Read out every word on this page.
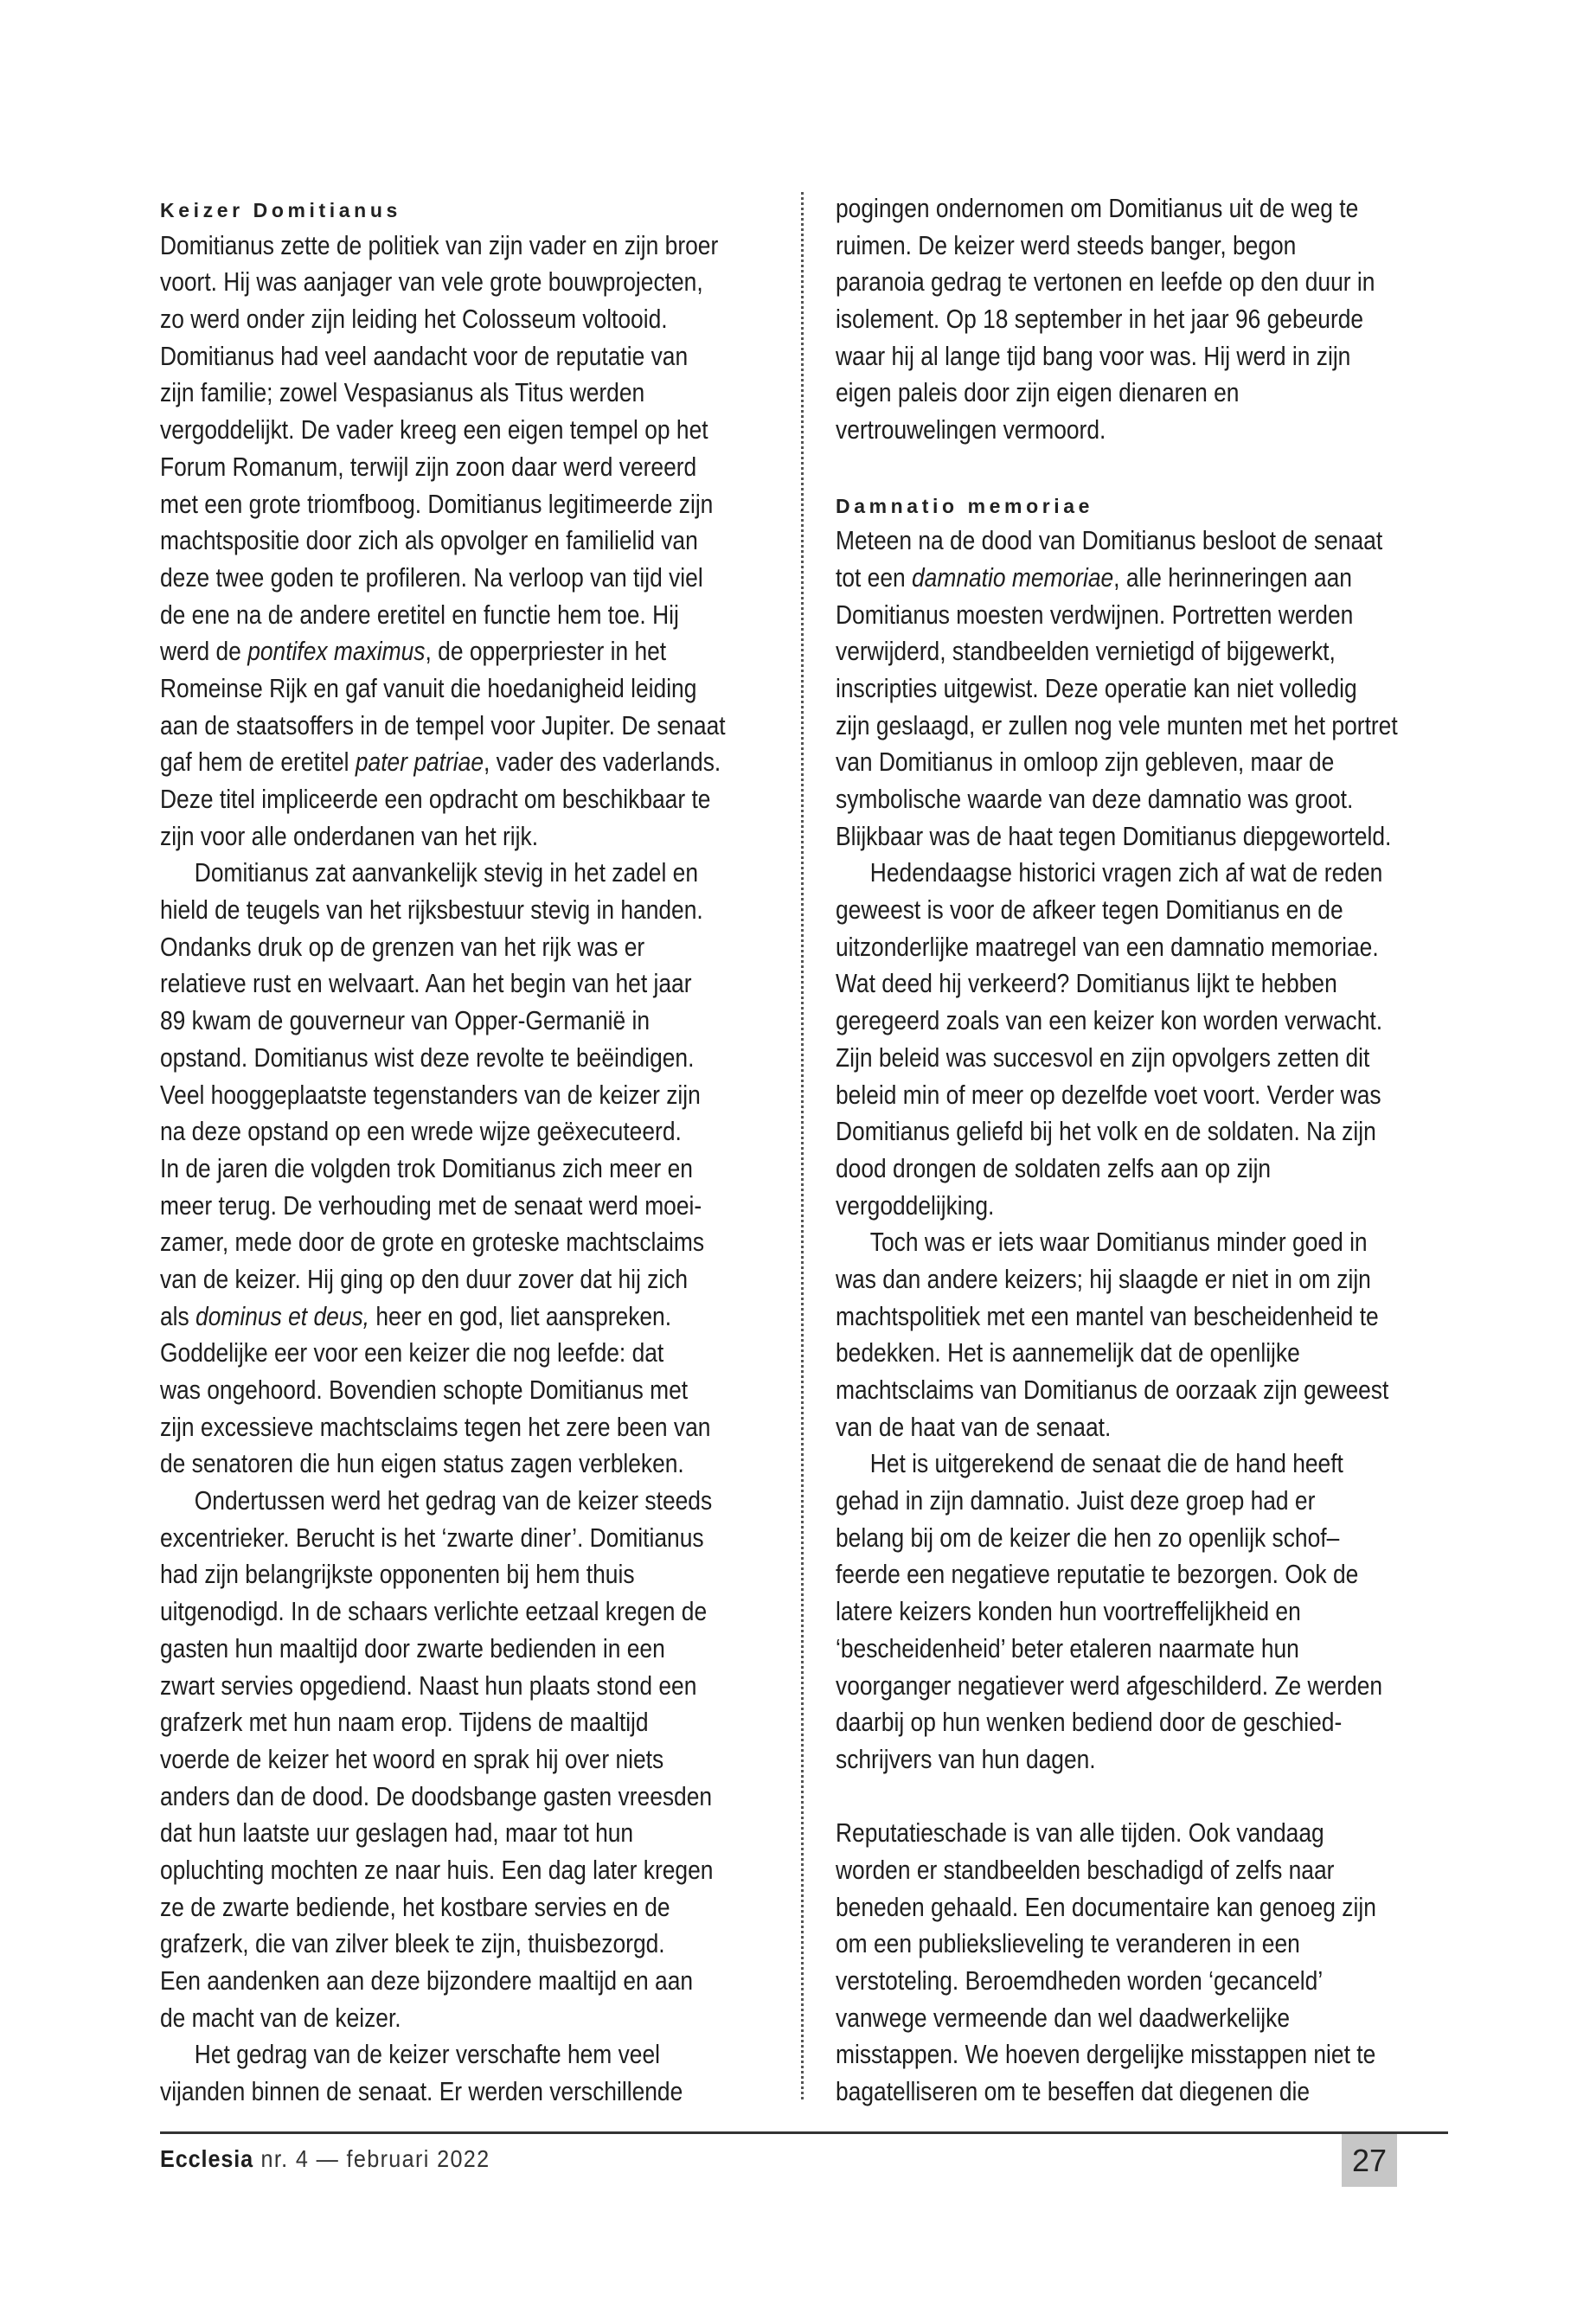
Keizer Domitianus
Domitianus zette de politiek van zijn vader en zijn broer
voort. Hij was aanjager van vele grote bouwprojecten,
zo werd onder zijn leiding het Colosseum voltooid.
Domitianus had veel aandacht voor de reputatie van
zijn familie; zowel Vespasianus als Titus werden
vergoddelijkt. De vader kreeg een eigen tempel op het
Forum Romanum, terwijl zijn zoon daar werd vereerd
met een grote triomfboog. Domitianus legitimeerde zijn
machtspositie door zich als opvolger en familielid van
deze twee goden te profileren. Na verloop van tijd viel
de ene na de andere eretitel en functie hem toe. Hij
werd de pontifex maximus, de opperpriester in het
Romeinse Rijk en gaf vanuit die hoedanigheid leiding
aan de staatsoffers in de tempel voor Jupiter. De senaat
gaf hem de eretitel pater patriae, vader des vaderlands.
Deze titel impliceerde een opdracht om beschikbaar te
zijn voor alle onderdanen van het rijk.
Domitianus zat aanvankelijk stevig in het zadel en
hield de teugels van het rijksbestuur stevig in handen.
Ondanks druk op de grenzen van het rijk was er
relatieve rust en welvaart. Aan het begin van het jaar
89 kwam de gouverneur van Opper-Germanië in
opstand. Domitianus wist deze revolte te beëindigen.
Veel hooggeplaatste tegenstanders van de keizer zijn
na deze opstand op een wrede wijze geëxecuteerd.
In de jaren die volgden trok Domitianus zich meer en
meer terug. De verhouding met de senaat werd moei-
zamer, mede door de grote en groteske machtsclaims
van de keizer. Hij ging op den duur zover dat hij zich
als dominus et deus, heer en god, liet aanspreken.
Goddelijke eer voor een keizer die nog leefde: dat
was ongehoord. Bovendien schopte Domitianus met
zijn excessieve machtsclaims tegen het zere been van
de senatoren die hun eigen status zagen verbleken.
Ondertussen werd het gedrag van de keizer steeds
excentrieker. Berucht is het ‘zwarte diner’. Domitianus
had zijn belangrijkste opponenten bij hem thuis
uitgenodigd. In de schaars verlichte eetzaal kregen de
gasten hun maaltijd door zwarte bedienden in een
zwart servies opgediend. Naast hun plaats stond een
grafzerk met hun naam erop. Tijdens de maaltijd
voerde de keizer het woord en sprak hij over niets
anders dan de dood. De doodsbange gasten vreesden
dat hun laatste uur geslagen had, maar tot hun
opluchting mochten ze naar huis. Een dag later kregen
ze de zwarte bediende, het kostbare servies en de
grafzerk, die van zilver bleek te zijn, thuisbezorgd.
Een aandenken aan deze bijzondere maaltijd en aan
de macht van de keizer.
Het gedrag van de keizer verschafte hem veel
vijanden binnen de senaat. Er werden verschillende
pogingen ondernomen om Domitianus uit de weg te
ruimen. De keizer werd steeds banger, begon
paranoia gedrag te vertonen en leefde op den duur in
isolement. Op 18 september in het jaar 96 gebeurde
waar hij al lange tijd bang voor was. Hij werd in zijn
eigen paleis door zijn eigen dienaren en
vertrouwelingen vermoord.
Damnatio memoriae
Meteen na de dood van Domitianus besloot de senaat
tot een damnatio memoriae, alle herinneringen aan
Domitianus moesten verdwijnen. Portretten werden
verwijderd, standbeelden vernietigd of bijgewerkt,
inscripties uitgewist. Deze operatie kan niet volledig
zijn geslaagd, er zullen nog vele munten met het portret
van Domitianus in omloop zijn gebleven, maar de
symbolische waarde van deze damnatio was groot.
Blijkbaar was de haat tegen Domitianus diepgeworteld.
Hedendaagse historici vragen zich af wat de reden
geweest is voor de afkeer tegen Domitianus en de
uitzonderlijke maatregel van een damnatio memoriae.
Wat deed hij verkeerd? Domitianus lijkt te hebben
geregeerd zoals van een keizer kon worden verwacht.
Zijn beleid was succesvol en zijn opvolgers zetten dit
beleid min of meer op dezelfde voet voort. Verder was
Domitianus geliefd bij het volk en de soldaten. Na zijn
dood drongen de soldaten zelfs aan op zijn
vergoddelijking.
Toch was er iets waar Domitianus minder goed in
was dan andere keizers; hij slaagde er niet in om zijn
machtspolitiek met een mantel van bescheidenheid te
bedekken. Het is aannemelijk dat de openlijke
machtsclaims van Domitianus de oorzaak zijn geweest
van de haat van de senaat.
Het is uitgerekend de senaat die de hand heeft
gehad in zijn damnatio. Juist deze groep had er
belang bij om de keizer die hen zo openlijk schof–
feerde een negatieve reputatie te bezorgen. Ook de
latere keizers konden hun voortreffelijkheid en
‘bescheidenheid’ beter etaleren naarmate hun
voorganger negatiever werd afgeschilderd. Ze werden
daarbij op hun wenken bediend door de geschied-
schrijvers van hun dagen.
Reputatieschade is van alle tijden. Ook vandaag
worden er standbeelden beschadigd of zelfs naar
beneden gehaald. Een documentaire kan genoeg zijn
om een publiekslieveling te veranderen in een
verstoteling. Beroemdheden worden ‘gecanceld’
vanwege vermeende dan wel daadwerkelijke
misstappen. We hoeven dergelijke misstappen niet te
bagatelliseren om te beseffen dat diegenen die
Ecclesia nr. 4 — februari 2022	27
